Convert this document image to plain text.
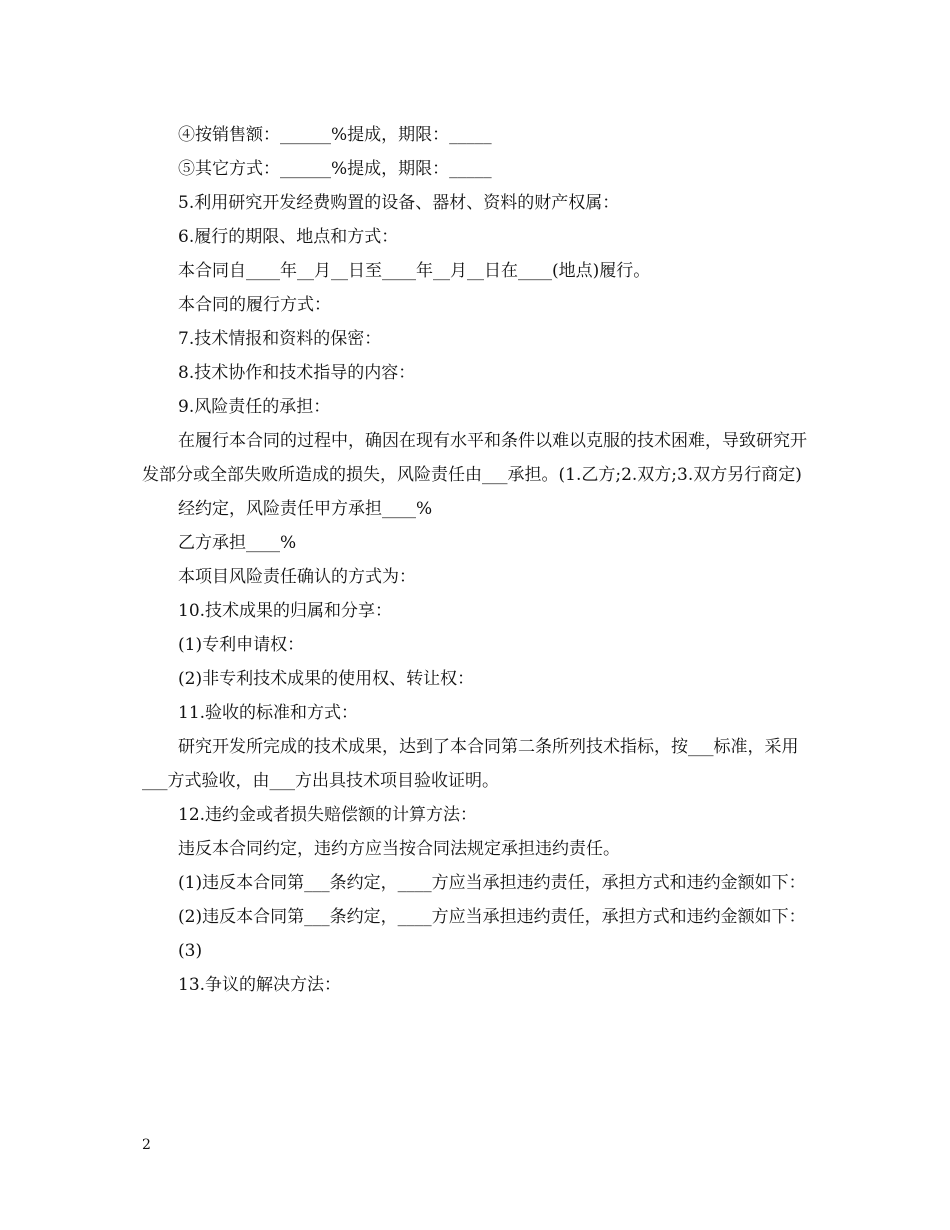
④按销售额：______%提成，期限：_____

⑤其它方式：______%提成，期限：_____

5.利用研究开发经费购置的设备、器材、资料的财产权属：

6.履行的期限、地点和方式：

本合同自____年__月__日至____年__月__日在____(地点)履行。

本合同的履行方式：

7.技术情报和资料的保密：

8.技术协作和技术指导的内容：

9.风险责任的承担：

在履行本合同的过程中，确因在现有水平和条件以难以克服的技术困难，导致研究开发部分或全部失败所造成的损失，风险责任由___承担。(1.乙方;2.双方;3.双方另行商定)

经约定，风险责任甲方承担____%

乙方承担____%

本项目风险责任确认的方式为：

10.技术成果的归属和分享：

(1)专利申请权：

(2)非专利技术成果的使用权、转让权：

11.验收的标准和方式：

研究开发所完成的技术成果，达到了本合同第二条所列技术指标，按___标准，采用___方式验收，由___方出具技术项目验收证明。

12.违约金或者损失赔偿额的计算方法：

违反本合同约定，违约方应当按合同法规定承担违约责任。

(1)违反本合同第___条约定，____方应当承担违约责任，承担方式和违约金额如下：

(2)违反本合同第___条约定，____方应当承担违约责任，承担方式和违约金额如下：

(3)

13.争议的解决方法：

2
